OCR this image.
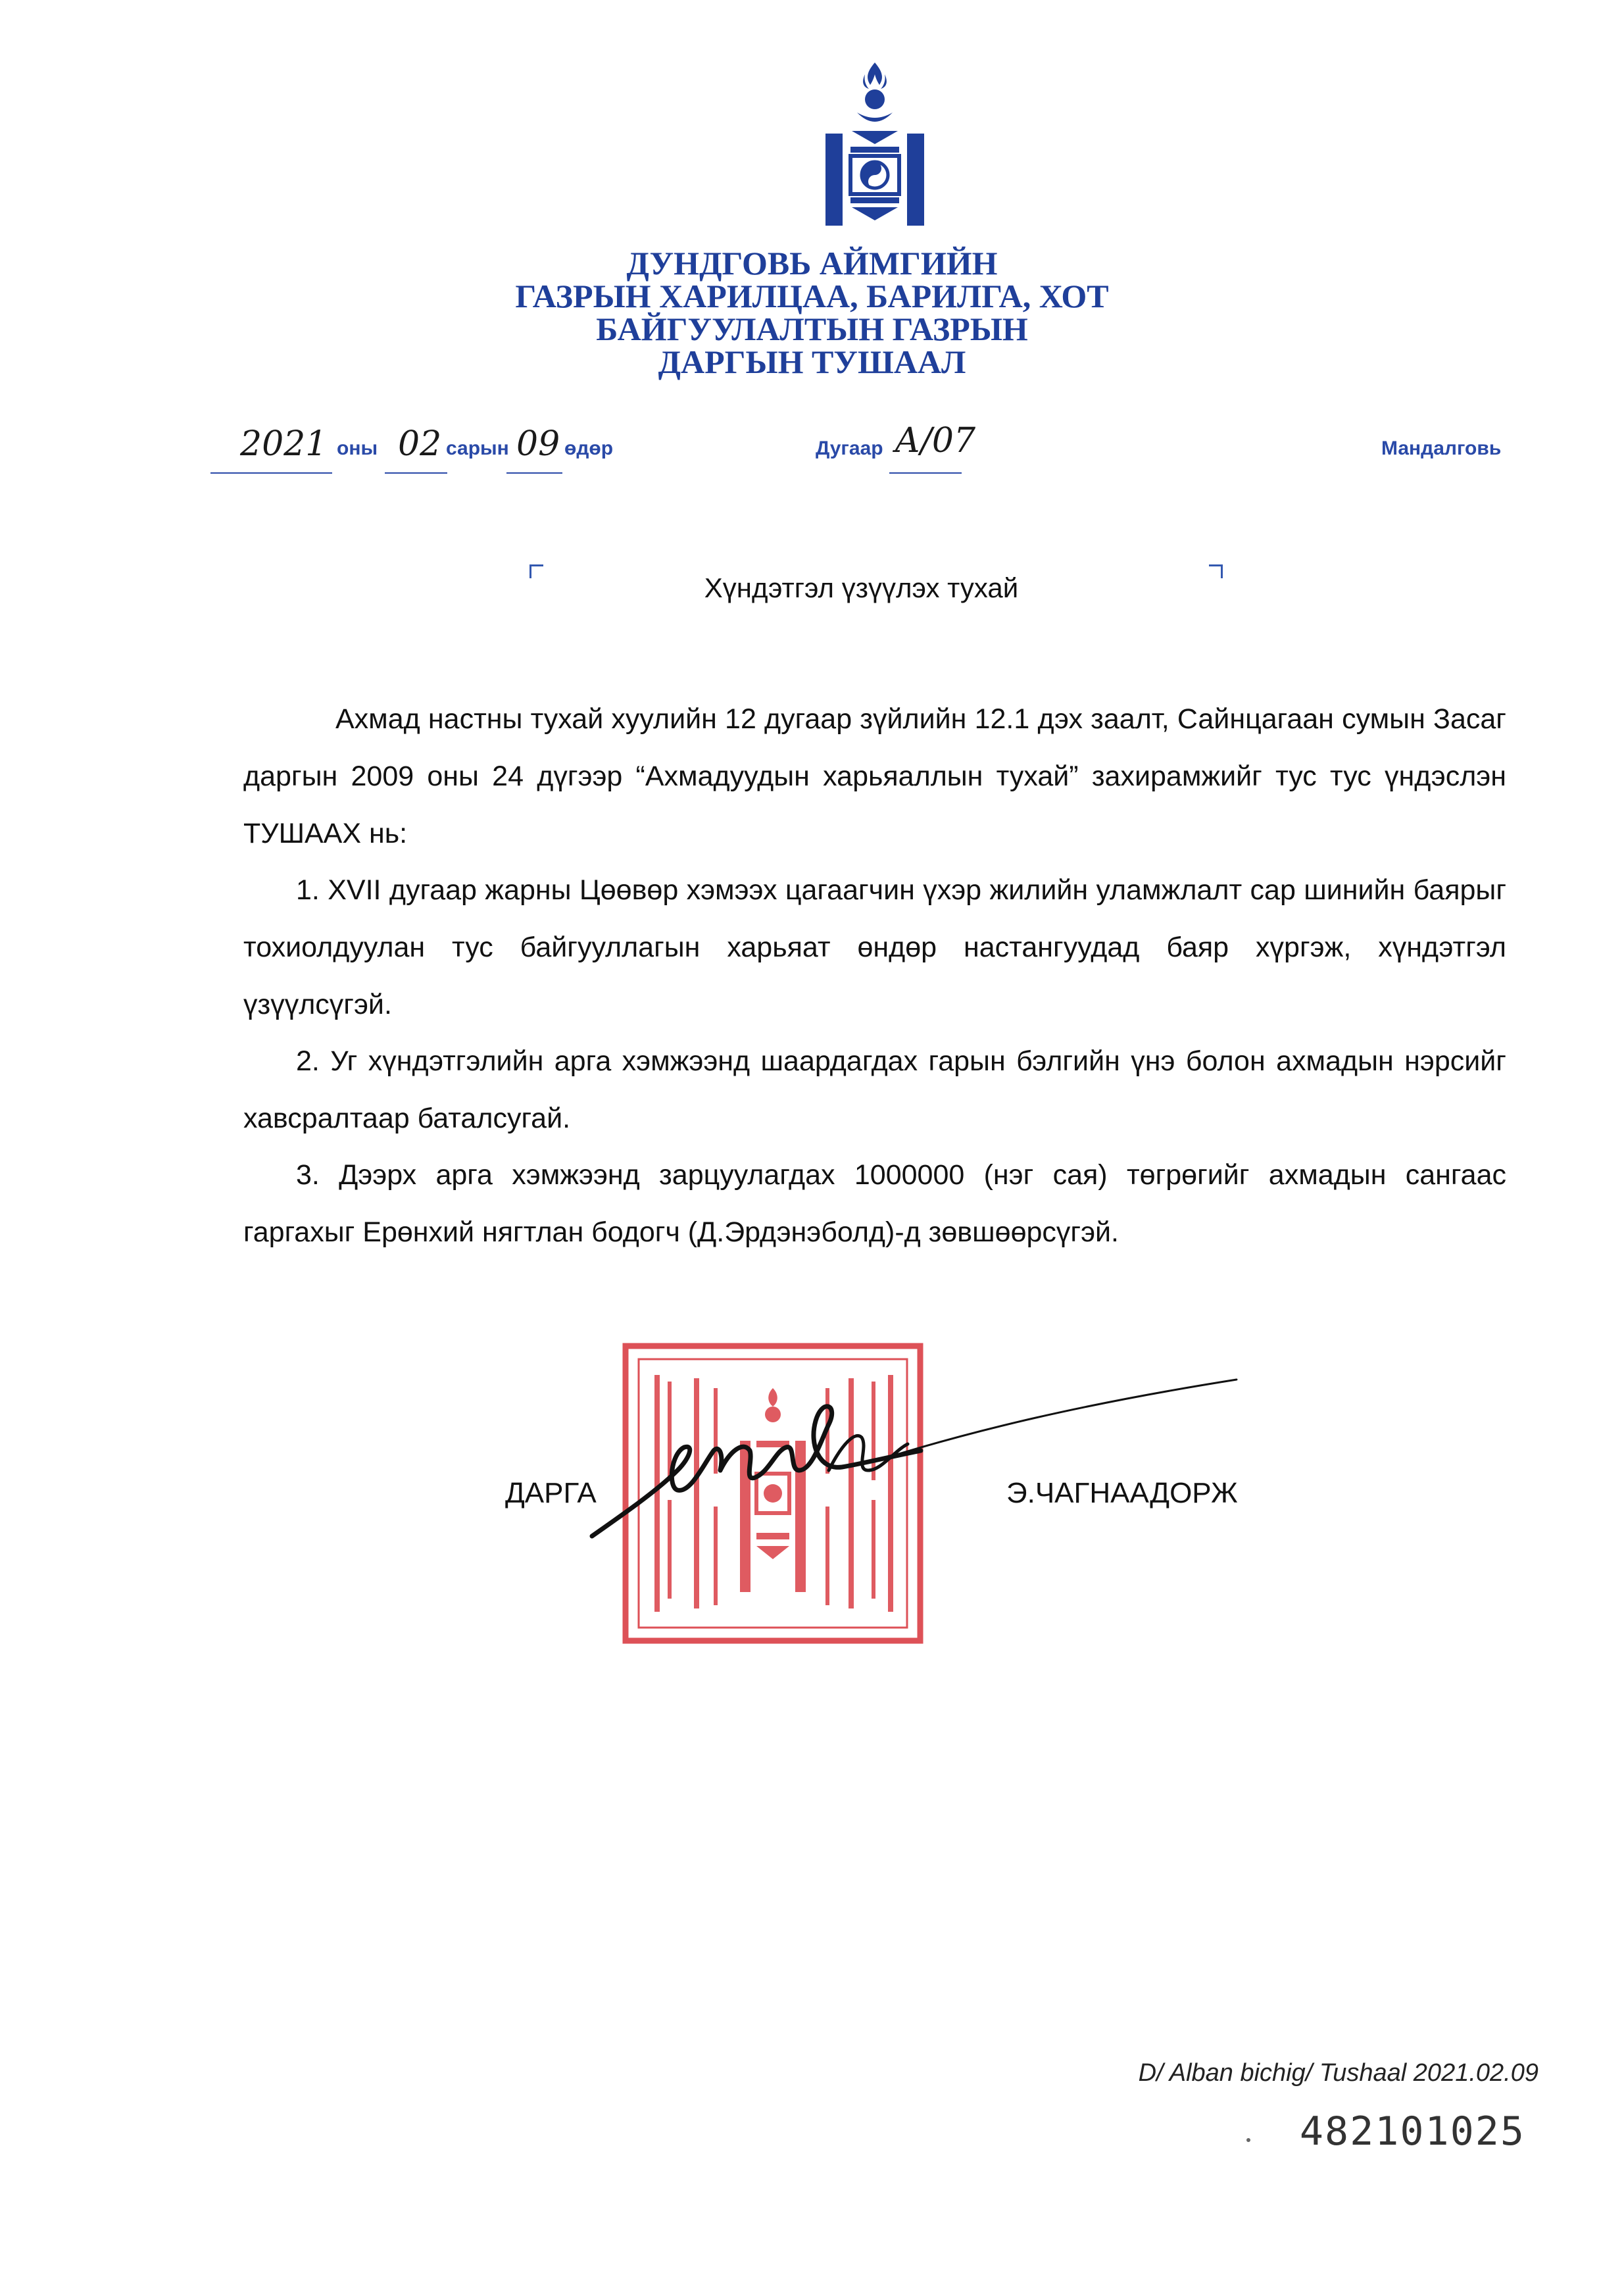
ДУНДГОВЬ АЙМГИЙН
ГАЗРЫН ХАРИЛЦАА, БАРИЛГА, ХОТ
БАЙГУУЛАЛТЫН ГАЗРЫН
ДАРГЫН ТУШААЛ
2021 оны 02 сарын 09 өдөр	Дугаар А/07	Мандалговь
Хүндэтгэл үзүүлэх тухай
Ахмад настны тухай хуулийн 12 дугаар зүйлийн 12.1 дэх заалт, Сайнцагаан сумын Засаг даргын 2009 оны 24 дүгээр “Ахмадуудын харьяаллын тухай” захирамжийг тус тус үндэслэн ТУШААХ нь:
1. XVII дугаар жарны Цөөвөр хэмээх цагаагчин үхэр жилийн уламжлалт сар шинийн баярыг тохиолдуулан тус байгууллагын харьяат өндөр настангуудад баяр хүргэж, хүндэтгэл үзүүлсүгэй.
2. Уг хүндэтгэлийн арга хэмжээнд шаардагдах гарын бэлгийн үнэ болон ахмадын нэрсийг хавсралтаар баталсугай.
3. Дээрх арга хэмжээнд зарцуулагдах 1000000 (нэг сая) төгрөгийг ахмадын сангаас гаргахыг Ерөнхий нягтлан бодогч (Д.Эрдэнэболд)-д зөвшөөрсүгэй.
ДАРГА	Э.ЧАГНААДОРЖ
D/ Alban bichig/ Tushaal 2021.02.09
482101025
